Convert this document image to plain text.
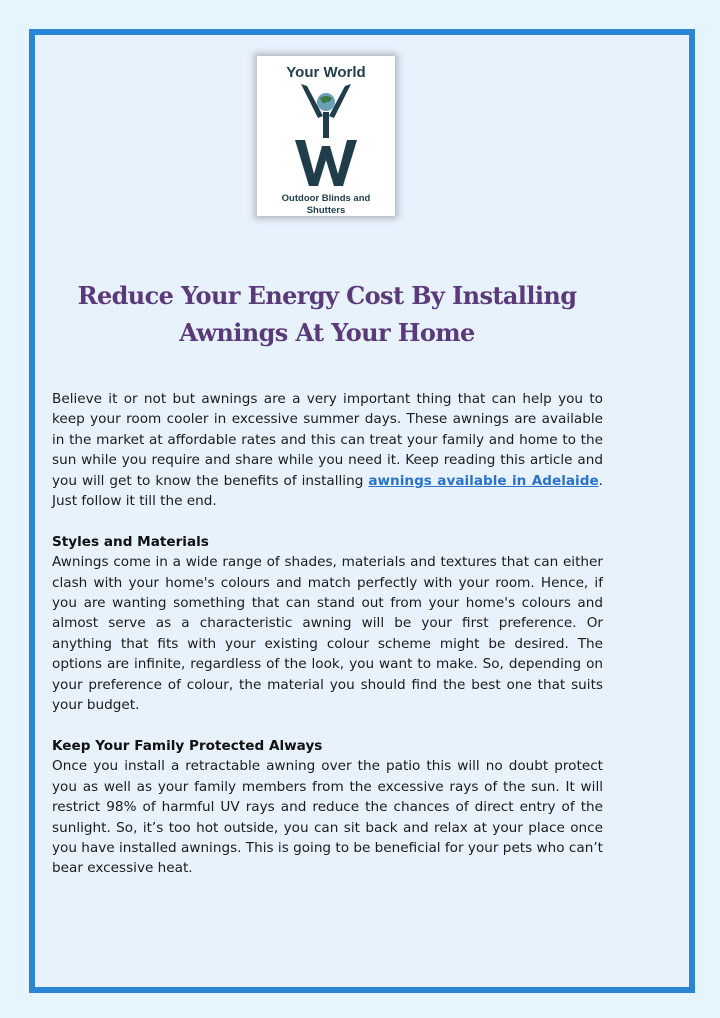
Your World
Outdoor Blinds and
Shutters
Reduce Your Energy Cost By Installing Awnings At Your Home

Believe it or not but awnings are a very important thing that can help you to keep your room cooler in excessive summer days. These awnings are available in the market at affordable rates and this can treat your family and home to the sun while you require and share while you need it. Keep reading this article and you will get to know the benefits of installing awnings available in Adelaide. Just follow it till the end.

Styles and Materials

Awnings come in a wide range of shades, materials and textures that can either clash with your home's colours and match perfectly with your room. Hence, if you are wanting something that can stand out from your home's colours and almost serve as a characteristic awning will be your first preference. Or anything that fits with your existing colour scheme might be desired. The options are infinite, regardless of the look, you want to make. So, depending on your preference of colour, the material you should find the best one that suits your budget.

Keep Your Family Protected Always

Once you install a retractable awning over the patio this will no doubt protect you as well as your family members from the excessive rays of the sun. It will restrict 98% of harmful UV rays and reduce the chances of direct entry of the sunlight. So, it’s too hot outside, you can sit back and relax at your place once you have installed awnings. This is going to be beneficial for your pets who can’t bear excessive heat.
